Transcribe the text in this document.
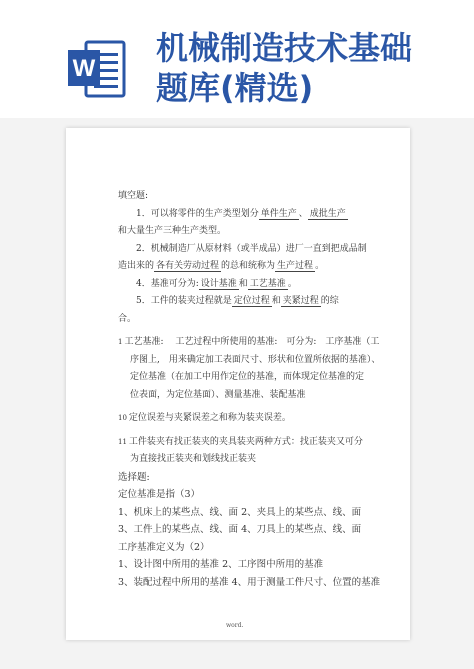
W
机械制造技术基础
题库(精选)
填空题:
1．可以将零件的生产类型划分 单件生产 、 成批生产
和大量生产三种生产类型。
2．机械制造厂从原材料（或半成品）进厂一直到把成品制
造出来的 各有关劳动过程 的总和统称为 生产过程 。
4．基准可分为: 设计基准 和 工艺基准 。
5．工件的装夹过程就是 定位过程 和 夹紧过程 的综
合。
1 工艺基准:　 工艺过程中所使用的基准:　可分为:　工序基准（工
序图上,　用来确定加工表面尺寸、形状和位置所依据的基准）、
定位基准（在加工中用作定位的基准，而体现定位基准的定
位表面，为定位基面）、测量基准、装配基准
10 定位误差与夹紧误差之和称为装夹误差。
11 工件装夹有找正装夹的夹具装夹两种方式：找正装夹又可分
为直接找正装夹和划线找正装夹
选择题:
定位基准是指（3）
1、机床上的某些点、线、面 2、夹具上的某些点、线、面
3、工件上的某些点、线、面 4、刀具上的某些点、线、面
工序基准定义为（2）
1、设计图中所用的基准 2、工序图中所用的基准
3、装配过程中所用的基准 4、用于测量工件尺寸、位置的基准
word.
